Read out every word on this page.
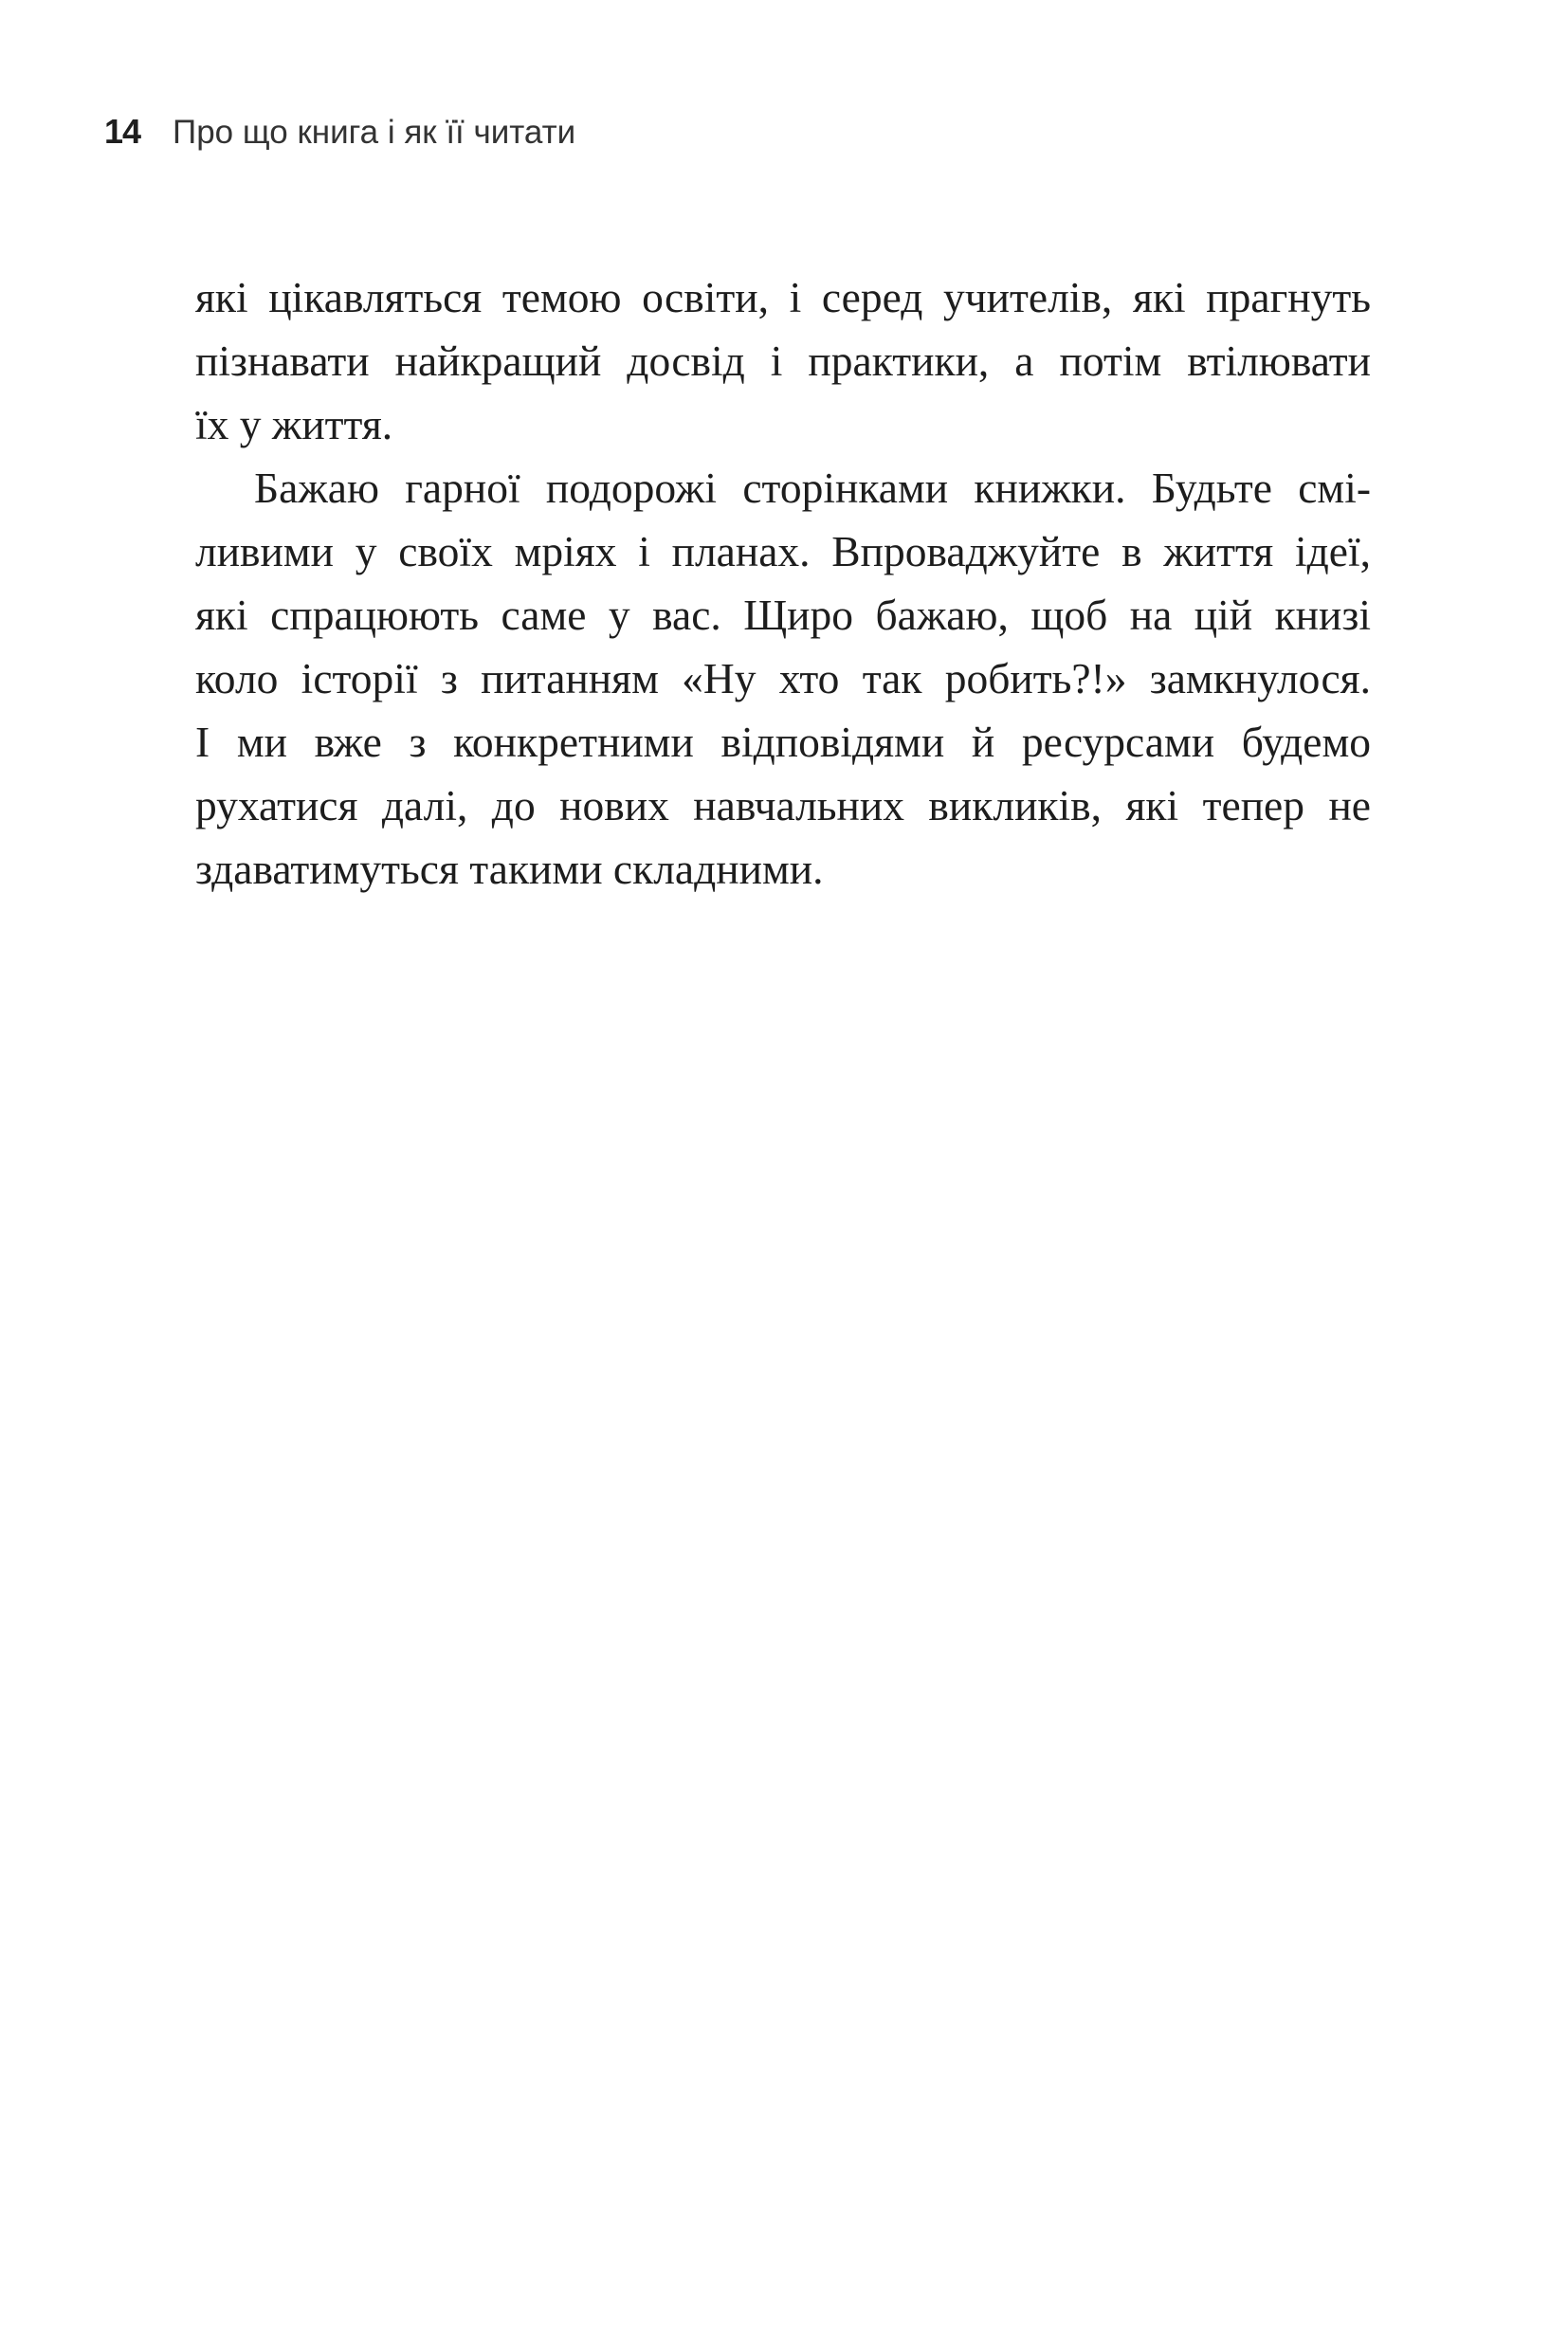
14 Про що книга і як її читати
які цікавляться темою освіти, і серед учителів, які прагнуть
пізнавати найкращий досвід і практики, а потім втілювати
їх у життя.
Бажаю гарної подорожі сторінками книжки. Будьте смі-
ливими у своїх мріях і планах. Впроваджуйте в життя ідеї,
які спрацюють саме у вас. Щиро бажаю, щоб на цій книзі
коло історії з питанням «Ну хто так робить?!» замкнулося.
І ми вже з конкретними відповідями й ресурсами будемо
рухатися далі, до нових навчальних викликів, які тепер не
здаватимуться такими складними.
